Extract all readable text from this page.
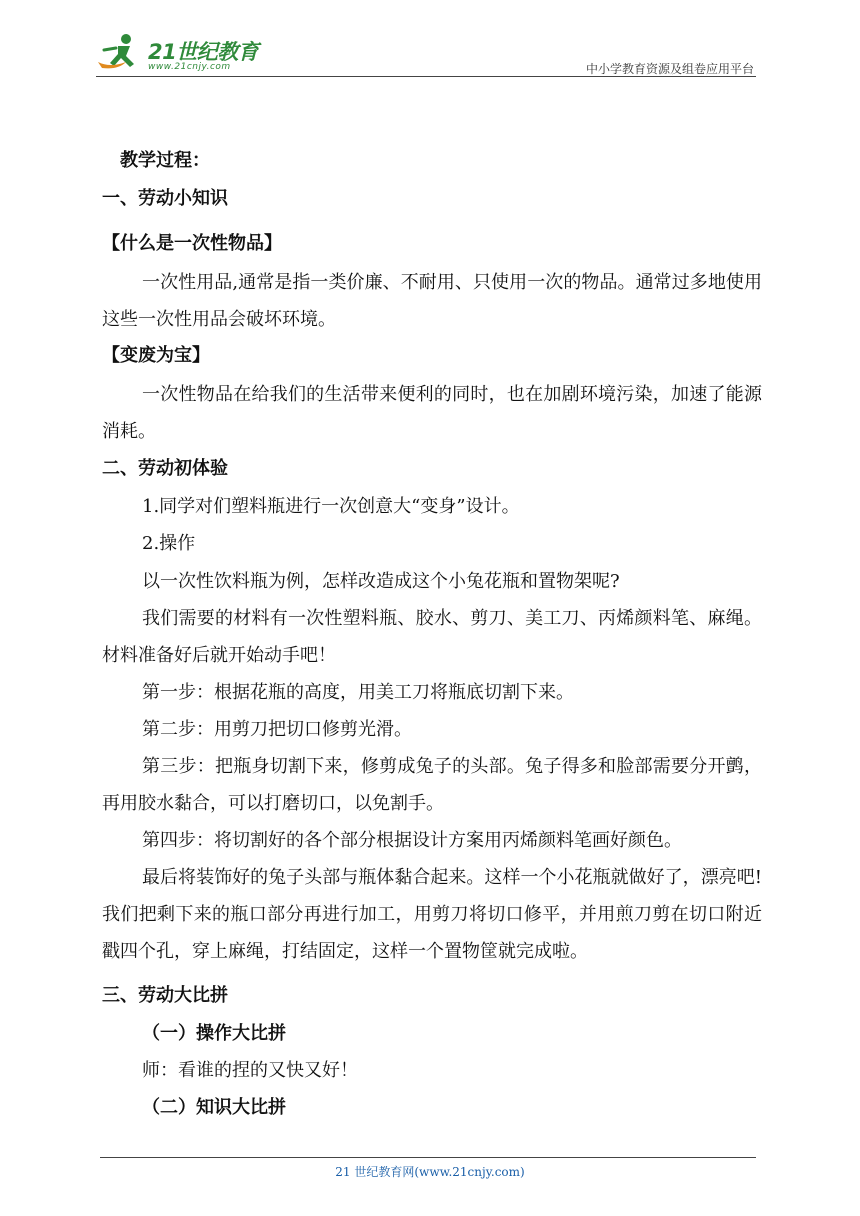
21世纪教育
www.21cnjy.com	中小学教育资源及组卷应用平台
教学过程：
一、劳动小知识
【什么是一次性物品】
一次性用品,通常是指一类价廉、不耐用、只使用一次的物品。通常过多地使用这些一次性用品会破坏环境。
【变废为宝】
一次性物品在给我们的生活带来便利的同时，也在加剧环境污染，加速了能源消耗。
二、劳动初体验
1.同学对们塑料瓶进行一次创意大“变身”设计。
2.操作
以一次性饮料瓶为例，怎样改造成这个小兔花瓶和置物架呢?
我们需要的材料有一次性塑料瓶、胶水、剪刀、美工刀、丙烯颜料笔、麻绳。材料准备好后就开始动手吧！
第一步：根据花瓶的高度，用美工刀将瓶底切割下来。
第二步：用剪刀把切口修剪光滑。
第三步：把瓶身切割下来，修剪成兔子的头部。兔子得多和脸部需要分开鹯，再用胶水黏合，可以打磨切口，以免割手。
第四步：将切割好的各个部分根据设计方案用丙烯颜料笔画好颜色。
最后将装饰好的兔子头部与瓶体黏合起来。这样一个小花瓶就做好了，漂亮吧!我们把剩下来的瓶口部分再进行加工，用剪刀将切口修平，并用煎刀剪在切口附近戳四个孔，穿上麻绳，打结固定，这样一个置物筐就完成啦。
三、劳动大比拼
（一）操作大比拼
师：看谁的捏的又快又好！
（二）知识大比拼
21 世纪教育网(www.21cnjy.com)
